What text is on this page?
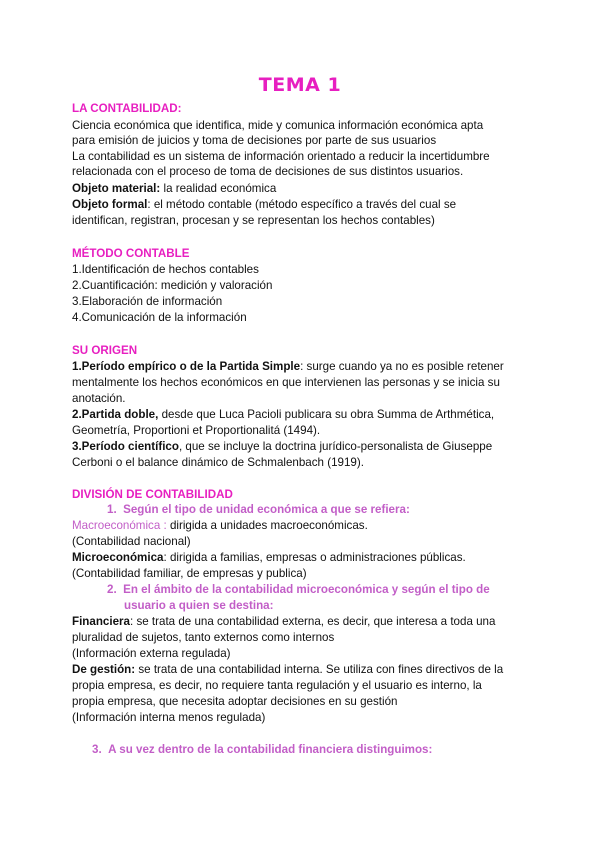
TEMA 1
LA CONTABILIDAD:
Ciencia económica que identifica, mide y comunica información económica apta
para emisión de juicios y toma de decisiones por parte de sus usuarios
La contabilidad es un sistema de información orientado a reducir la incertidumbre
relacionada con el proceso de toma de decisiones de sus distintos usuarios.
Objeto material: la realidad económica
Objeto formal: el método contable (método específico a través del cual se
identifican, registran, procesan y se representan los hechos contables)
MÉTODO CONTABLE
1.Identificación de hechos contables
2.Cuantificación: medición y valoración
3.Elaboración de información
4.Comunicación de la información
SU ORIGEN
1.Período empírico o de la Partida Simple: surge cuando ya no es posible retener
mentalmente los hechos económicos en que intervienen las personas y se inicia su
anotación.
2.Partida doble, desde que Luca Pacioli publicara su obra Summa de Arthmética,
Geometría, Proportioni et Proportionalitá (1494).
3.Período científico, que se incluye la doctrina jurídico-personalista de Giuseppe
Cerboni o el balance dinámico de Schmalenbach (1919).
DIVISIÓN DE CONTABILIDAD
1. Según el tipo de unidad económica a que se refiera:
Macroeconómica : dirigida a unidades macroeconómicas.
(Contabilidad nacional)
Microeconómica: dirigida a familias, empresas o administraciones públicas.
(Contabilidad familiar, de empresas y publica)
2. En el ámbito de la contabilidad microeconómica y según el tipo de
usuario a quien se destina:
Financiera: se trata de una contabilidad externa, es decir, que interesa a toda una
pluralidad de sujetos, tanto externos como internos
(Información externa regulada)
De gestión: se trata de una contabilidad interna. Se utiliza con fines directivos de la
propia empresa, es decir, no requiere tanta regulación y el usuario es interno, la
propia empresa, que necesita adoptar decisiones en su gestión
(Información interna menos regulada)
3. A su vez dentro de la contabilidad financiera distinguimos:
